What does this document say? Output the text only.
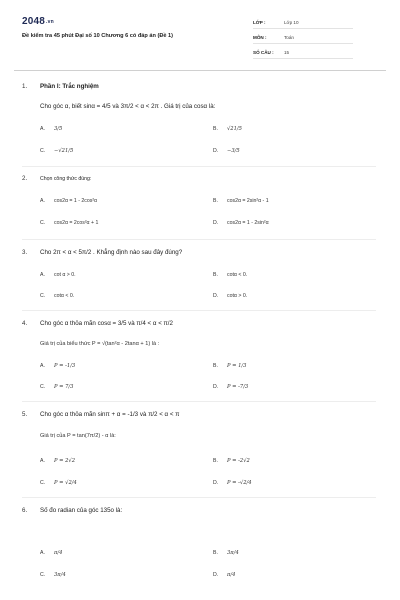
2048.vn
Đề kiểm tra 45 phút Đại số 10 Chương 6 có đáp án (Đề 1)
LỚP :	Lớp 10
MÔN :	Toán
SỐ CÂU :	15
1. Phần I: Trắc nghiệm
Cho góc α, biết sinα = 4/5 và 3π/2 < α < 2π . Giá trị của cosα là:
A. 3/5	B. √21/5
C. −√21/5	D. −3/5
2. Chọn công thức đúng:
A. cos2α = 1 - 2cos²α	B. cos2α = 2sin²α - 1
C. cos2α = 2cos²α + 1	D. cos2α = 1 - 2sin²α
3. Cho 2π < α < 5π/2 . Khẳng định nào sau đây đúng?
A. cot α > 0.	B. cotα < 0.
C. cotα < 0.	D. cotα > 0.
4. Cho góc α thỏa mãn cosα = 3/5 và π/4 < α < π/2
Giá trị của biểu thức P = √(tan²α - 2tanα + 1) là :
A. P = -1/3	B. P = 1/3
C. P = 7/3	D. P = -7/3
5. Cho góc α thỏa mãn sinπ + α = -1/3 và π/2 < α < π
Giá trị của P = tan(7π/2) - α là:
A. P = 2√2	B. P = -2√2
C. P = √2/4	D. P = -√2/4
6. Số đo radian của góc 135o là:
A. π/4	B. 3π/4
C. 3π/4	D. π/4
